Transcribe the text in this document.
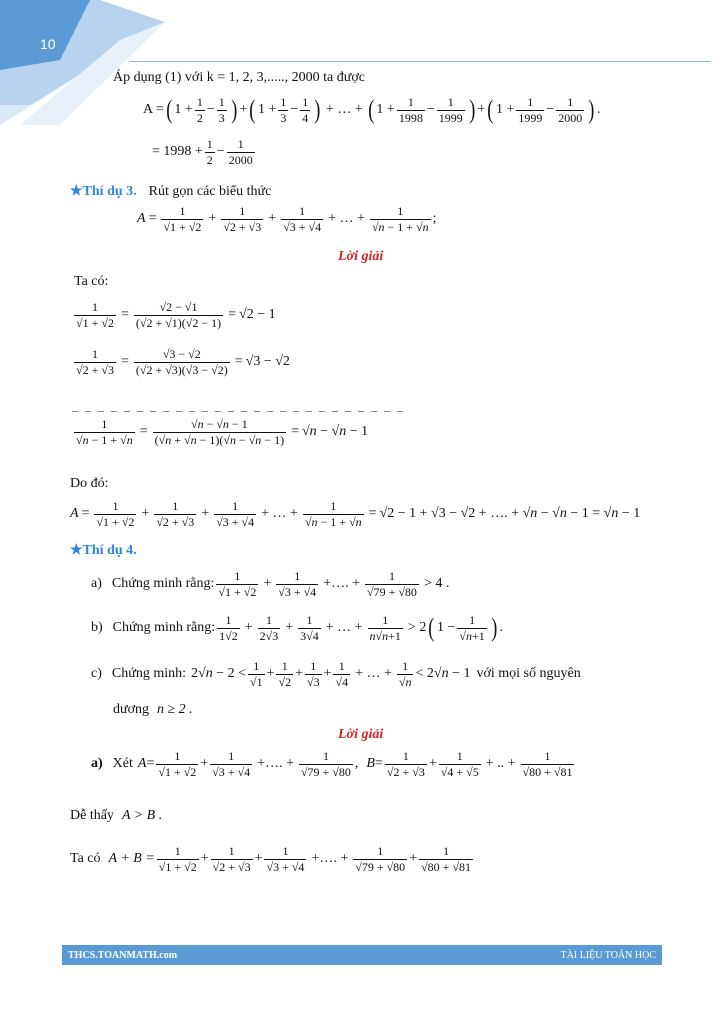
10
Áp dụng (1) với k = 1, 2, 3,....., 2000 ta được
A = ( $1 + \frac{1}{2} - \frac{1}{3}$ ) + ( $1 + \frac{1}{3} - \frac{1}{4}$ ) + … + ( $1 + \frac{1}{1998} - \frac{1}{1999}$ ) + ( $1 + \frac{1}{1999} - \frac{1}{2000}$ ) .
= $1998 + \frac{1}{2} - \frac{1}{2000}$
★Thí dụ 3. Rút gọn các biểu thức
$A = \frac{1}{√1 + √2} + \frac{1}{√2 + √3} + \frac{1}{√3 + √4}$ + … + $\frac{1}{√n - 1 + √n}$ ;
Lời giải
Ta có:
$\frac{1}{√1 + √2} = \frac{√2 - √1}{(√2 + √1)(√2 - 1)} = √2 - 1$
$\frac{1}{√2 + √3} = \frac{√3 - √2}{(√2 + √3)(√3 - √2)} = √3 - √2$
– – – – – – – – – – – – – – – – – – – – – – – – – –
$\frac{1}{√n - 1 + √n} = \frac{√n - √n - 1}{(√n + √n - 1)(√n - √n - 1)} = √n - √n - 1$
Do đó:
$A = \frac{1}{√1 + √2} + \frac{1}{√2 + √3} + \frac{1}{√3 + √4}$ + … + $\frac{1}{√n - 1 + √n} = √2 - 1 + √3 - √2$ + …. + √n − √n − 1 = √n − 1
★Thí dụ 4.
a) Chứng minh rằng: $\frac{1}{√1 + √2} + \frac{1}{√3 + √4}$ +…. + $\frac{1}{√79 + √80} > 4$ .
b) Chứng minh rằng: $\frac{1}{1√2} + \frac{1}{2√3} + \frac{1}{3√4}$ + … + $\frac{1}{n√n+1} > 2$ ( $1 - \frac{1}{√n+1}$ ) .
c) Chứng minh: $2√n - 2 < \frac{1}{√1} + \frac{1}{√2} + \frac{1}{√3} + \frac{1}{√4}$ + … + $\frac{1}{√n} < 2√n - 1$ với mọi số nguyên
dương n ≥ 2 .
Lời giải
a) Xét $A = \frac{1}{√1 + √2} + \frac{1}{√3 + √4}$ +…. + $\frac{1}{√79 + √80}$ , $B = \frac{1}{√2 + √3} + \frac{1}{√4 + √5}$ + .. + $\frac{1}{√80 + √81}$
Dễ thấy A > B .
Ta có $A + B = \frac{1}{√1 + √2} + \frac{1}{√2 + √3} + \frac{1}{√3 + √4}$ +…. + $\frac{1}{√79 + √80} + \frac{1}{√80 + √81}$
THCS.TOANMATH.com	TÀI LIỆU TOÁN HỌC
